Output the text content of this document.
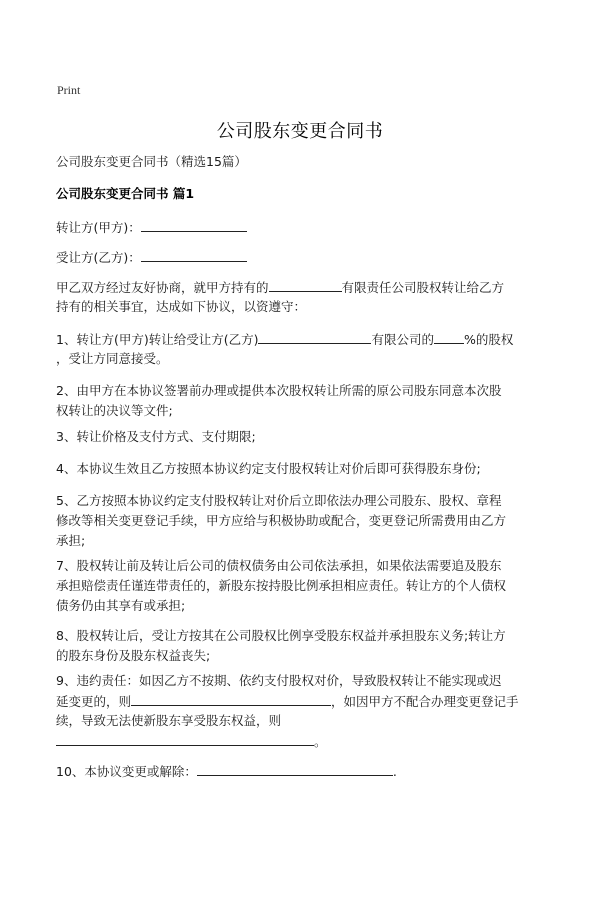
Print
公司股东变更合同书
公司股东变更合同书（精选15篇）
公司股东变更合同书 篇1
转让方(甲方)：
受让方(乙方)：
甲乙双方经过友好协商，就甲方持有的	有限责任公司股权转让给乙方
持有的相关事宜，达成如下协议，以资遵守：
1、转让方(甲方)转让给受让方(乙方)	有限公司的 %的股权
，受让方同意接受。
2、由甲方在本协议签署前办理或提供本次股权转让所需的原公司股东同意本次股
权转让的决议等文件;
3、转让价格及支付方式、支付期限;
4、本协议生效且乙方按照本协议约定支付股权转让对价后即可获得股东身份;
5、乙方按照本协议约定支付股权转让对价后立即依法办理公司股东、股权、章程
修改等相关变更登记手续，甲方应给与积极协助或配合，变更登记所需费用由乙方
承担;
7、股权转让前及转让后公司的债权债务由公司依法承担，如果依法需要追及股东
承担赔偿责任谨连带责任的，新股东按持股比例承担相应责任。转让方的个人债权
债务仍由其享有或承担;
8、股权转让后，受让方按其在公司股权比例享受股东权益并承担股东义务;转让方
的股东身份及股东权益丧失;
9、违约责任：如因乙方不按期、依约支付股权对价，导致股权转让不能实现或迟
延变更的，则	，如因甲方不配合办理变更登记手
续，导致无法使新股东享受股东权益，则
。
10、本协议变更或解除：	.
